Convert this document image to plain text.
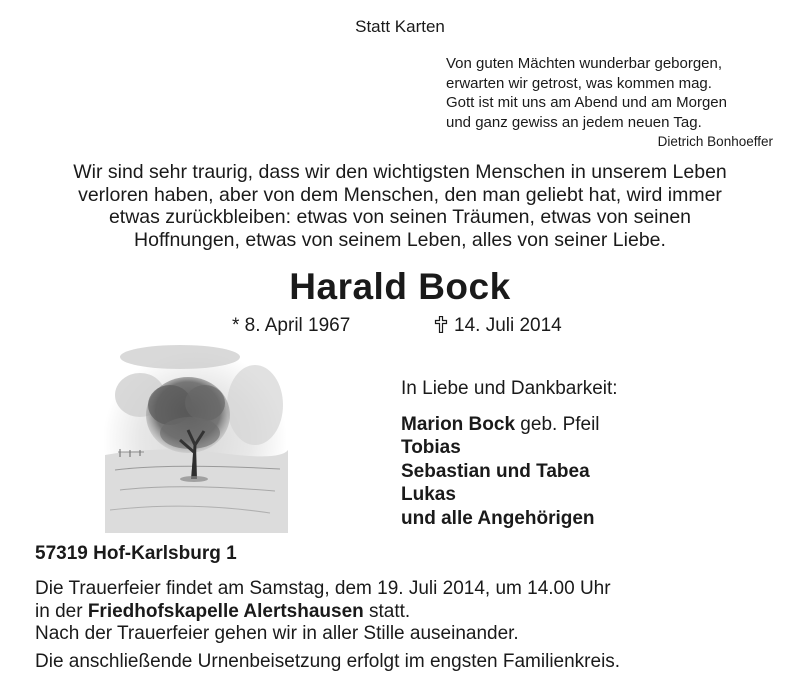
Statt Karten
Von guten Mächten wunderbar geborgen,
erwarten wir getrost, was kommen mag.
Gott ist mit uns am Abend und am Morgen
und ganz gewiss an jedem neuen Tag.
Dietrich Bonhoeffer
Wir sind sehr traurig, dass wir den wichtigsten Menschen in unserem Leben
verloren haben, aber von dem Menschen, den man geliebt hat, wird immer
etwas zurückbleiben: etwas von seinen Träumen, etwas von seinen
Hoffnungen, etwas von seinem Leben, alles von seiner Liebe.
Harald Bock
* 8. April 1967	14. Juli 2014
In Liebe und Dankbarkeit:
Marion Bock geb. Pfeil
Tobias
Sebastian und Tabea
Lukas
und alle Angehörigen
57319 Hof-Karlsburg 1
Die Trauerfeier findet am Samstag, dem 19. Juli 2014, um 14.00 Uhr
in der Friedhofskapelle Alertshausen statt.
Nach der Trauerfeier gehen wir in aller Stille auseinander.
Die anschließende Urnenbeisetzung erfolgt im engsten Familienkreis.
